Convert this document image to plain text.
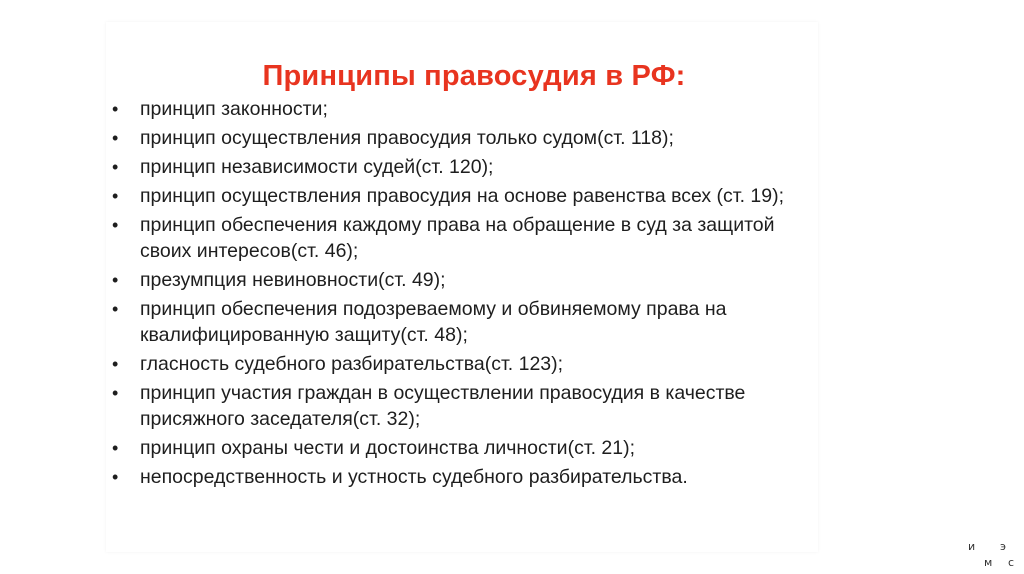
Принципы правосудия в РФ:
•	принцип законности;
•	принцип осуществления правосудия только судом(ст. 118);
•	принцип независимости судей(ст. 120);
•	принцип осуществления правосудия на основе равенства всех (ст. 19);
•	принцип обеспечения каждому права на обращение в суд за защитой своих интересов(ст. 46);
•	презумпция невиновности(ст. 49);
•	принцип обеспечения подозреваемому и обвиняемому права на квалифицированную защиту(ст. 48);
•	гласность судебного разбирательства(ст. 123);
•	принцип участия граждан в осуществлении правосудия в качестве присяжного заседателя(ст. 32);
•	принцип охраны чести и достоинства личности(ст. 21);
•	непосредственность и устность судебного разбирательства.
и э
м с
